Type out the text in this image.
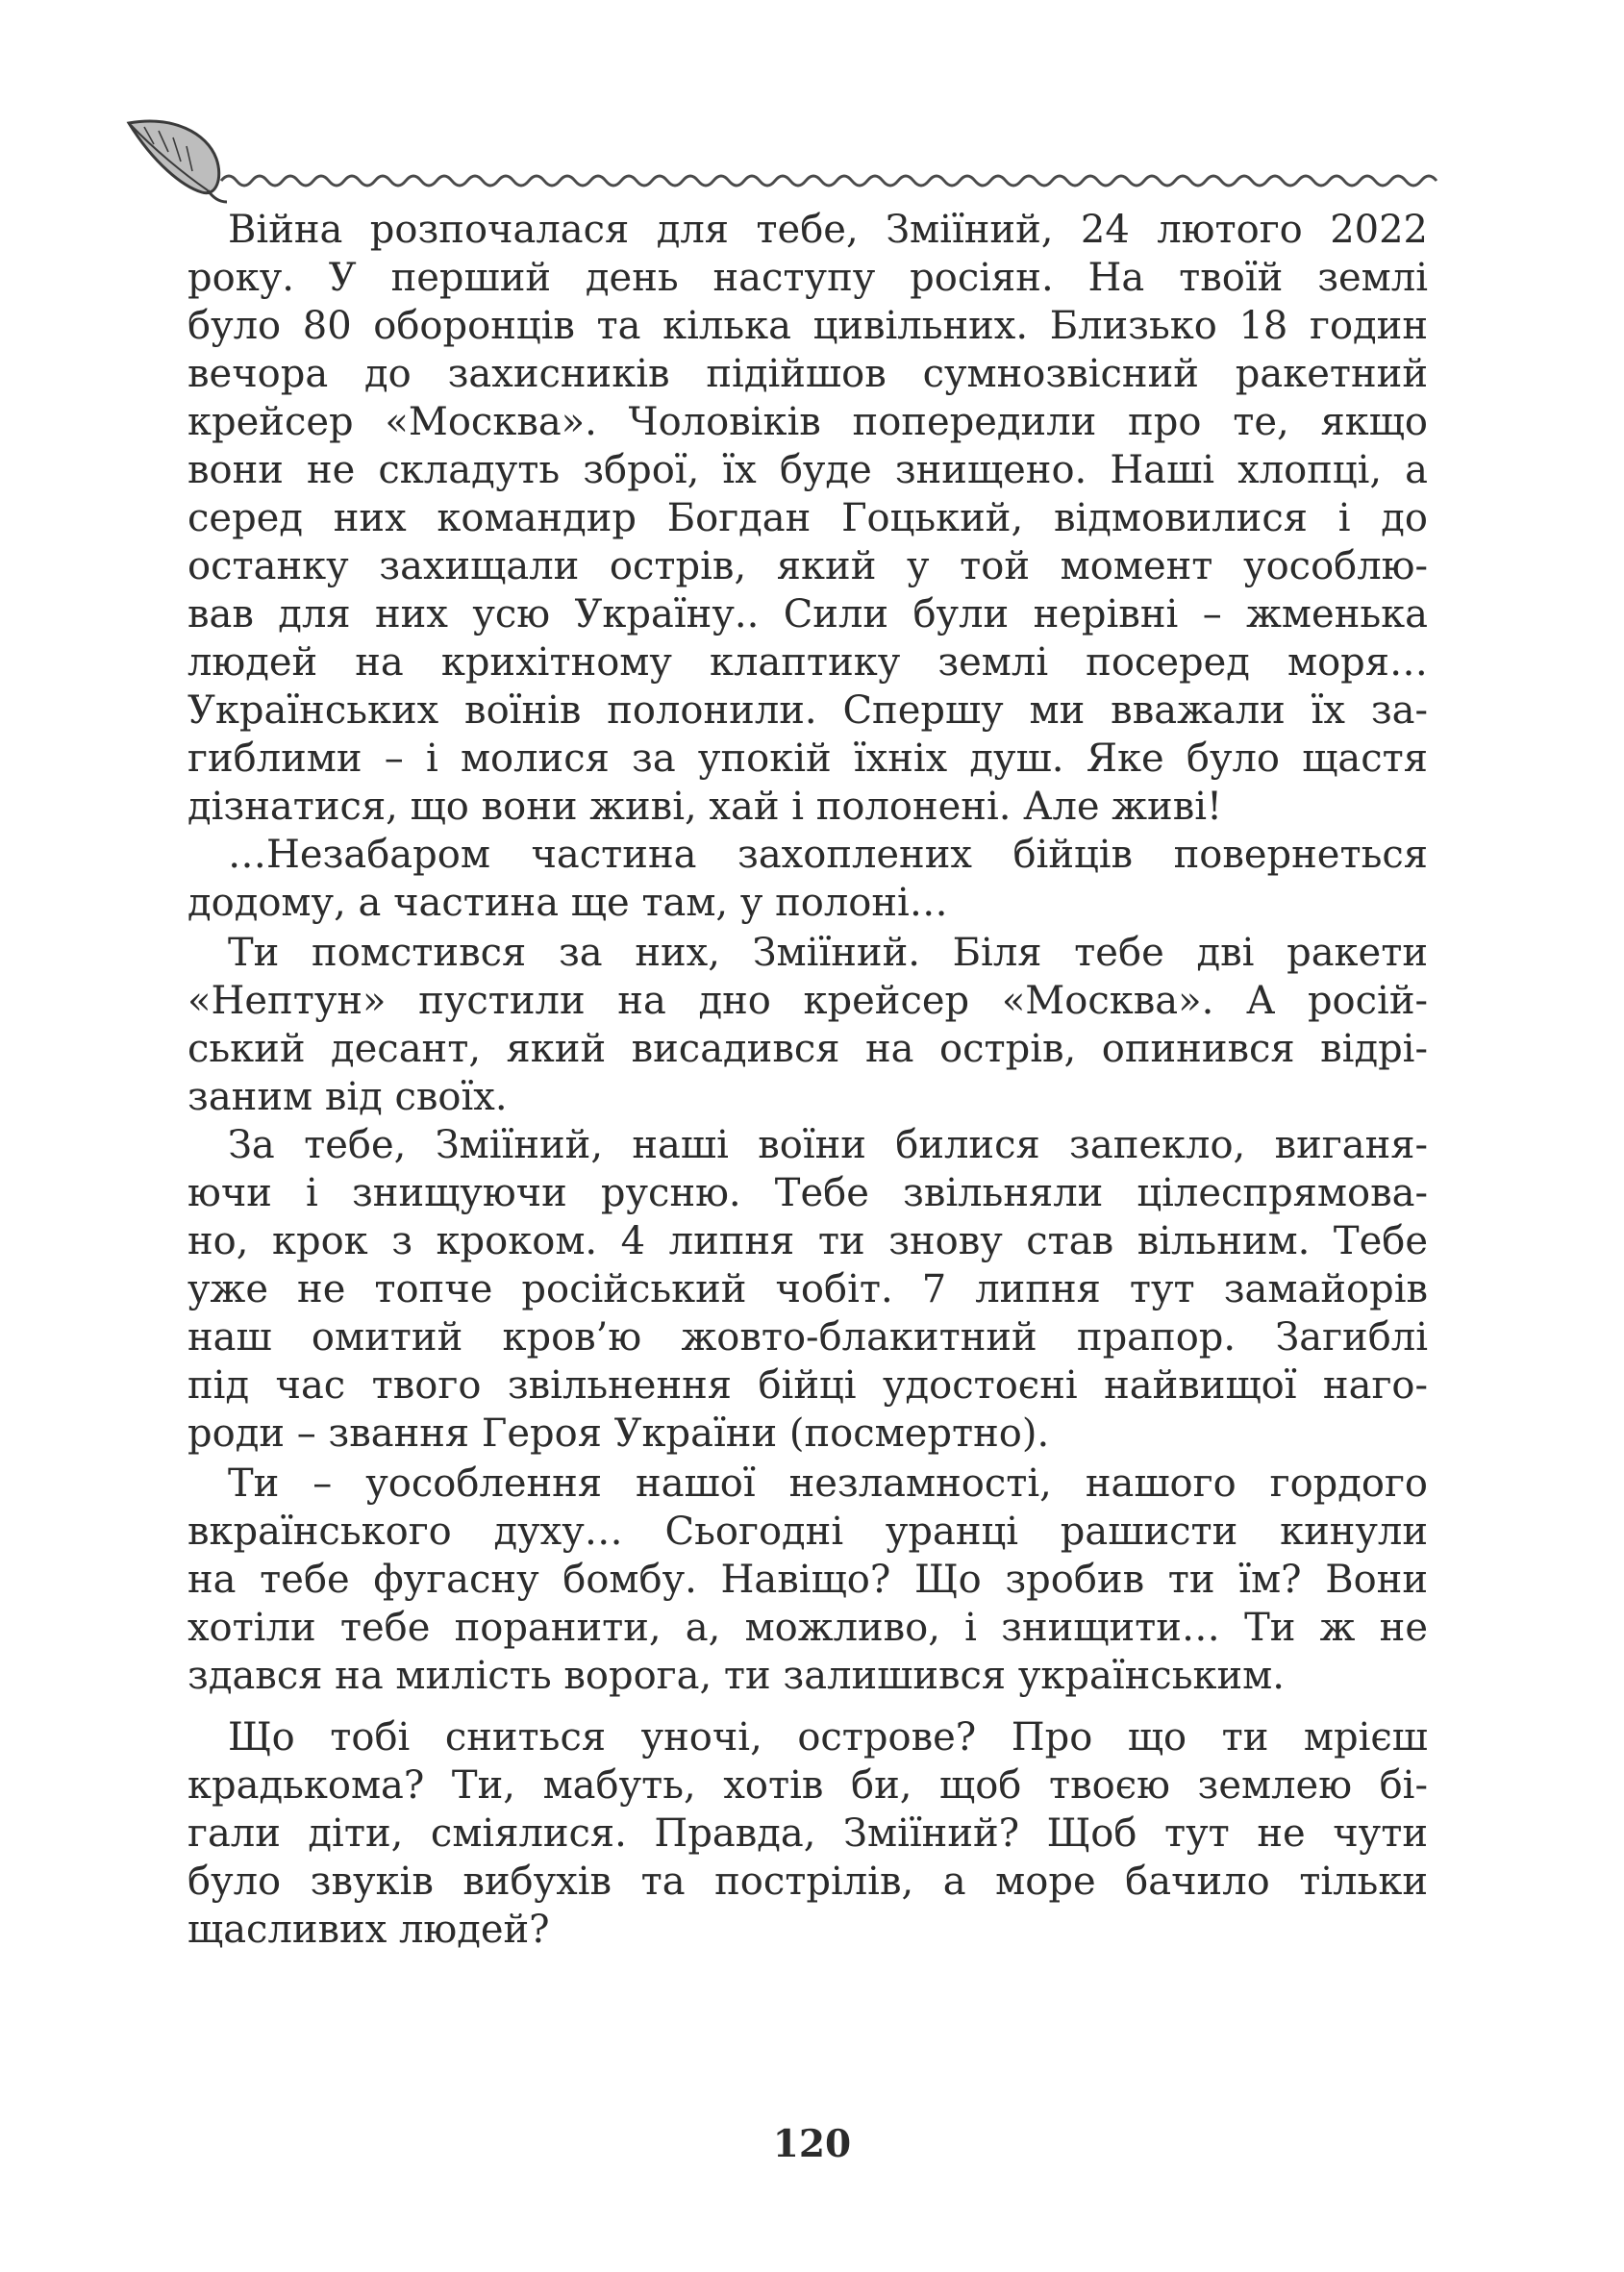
Війна розпочалася для тебе, Зміїний, 24 лютого 2022
року. У перший день наступу росіян. На твоїй землі
було 80 оборонців та кілька цивільних. Близько 18 годин
вечора до захисників підійшов сумнозвісний ракетний
крейсер «Москва». Чоловіків попередили про те, якщо
вони не складуть зброї, їх буде знищено. Наші хлопці, а
серед них командир Богдан Гоцький, відмовилися і до
останку захищали острів, який у той момент уособлю-
вав для них усю Україну.. Сили були нерівні – жменька
людей на крихітному клаптику землі посеред моря…
Українських воїнів полонили. Спершу ми вважали їх за-
гиблими – і молися за упокій їхніх душ. Яке було щастя
дізнатися, що вони живі, хай і полонені. Але живі!
…Незабаром частина захоплених бійців повернеться
додому, а частина ще там, у полоні…
Ти помстився за них, Зміїний. Біля тебе дві ракети
«Нептун» пустили на дно крейсер «Москва». А росій-
ський десант, який висадився на острів, опинився відрі-
заним від своїх.
За тебе, Зміїний, наші воїни билися запекло, виганя-
ючи і знищуючи русню. Тебе звільняли цілеспрямова-
но, крок з кроком. 4 липня ти знову став вільним. Тебе
уже не топче російський чобіт. 7 липня тут замайорів
наш омитий кров’ю жовто-блакитний прапор. Загиблі
під час твого звільнення бійці удостоєні найвищої наго-
роди – звання Героя України (посмертно).
Ти – уособлення нашої незламності, нашого гордого
вкраїнського духу… Сьогодні уранці рашисти кинули
на тебе фугасну бомбу. Навіщо? Що зробив ти їм? Вони
хотіли тебе поранити, а, можливо, і знищити… Ти ж не
здався на милість ворога, ти залишився українським.
Що тобі сниться уночі, острове? Про що ти мрієш
крадькома? Ти, мабуть, хотів би, щоб твоєю землею бі-
гали діти, сміялися. Правда, Зміїний? Щоб тут не чути
було звуків вибухів та пострілів, а море бачило тільки
щасливих людей?
120
